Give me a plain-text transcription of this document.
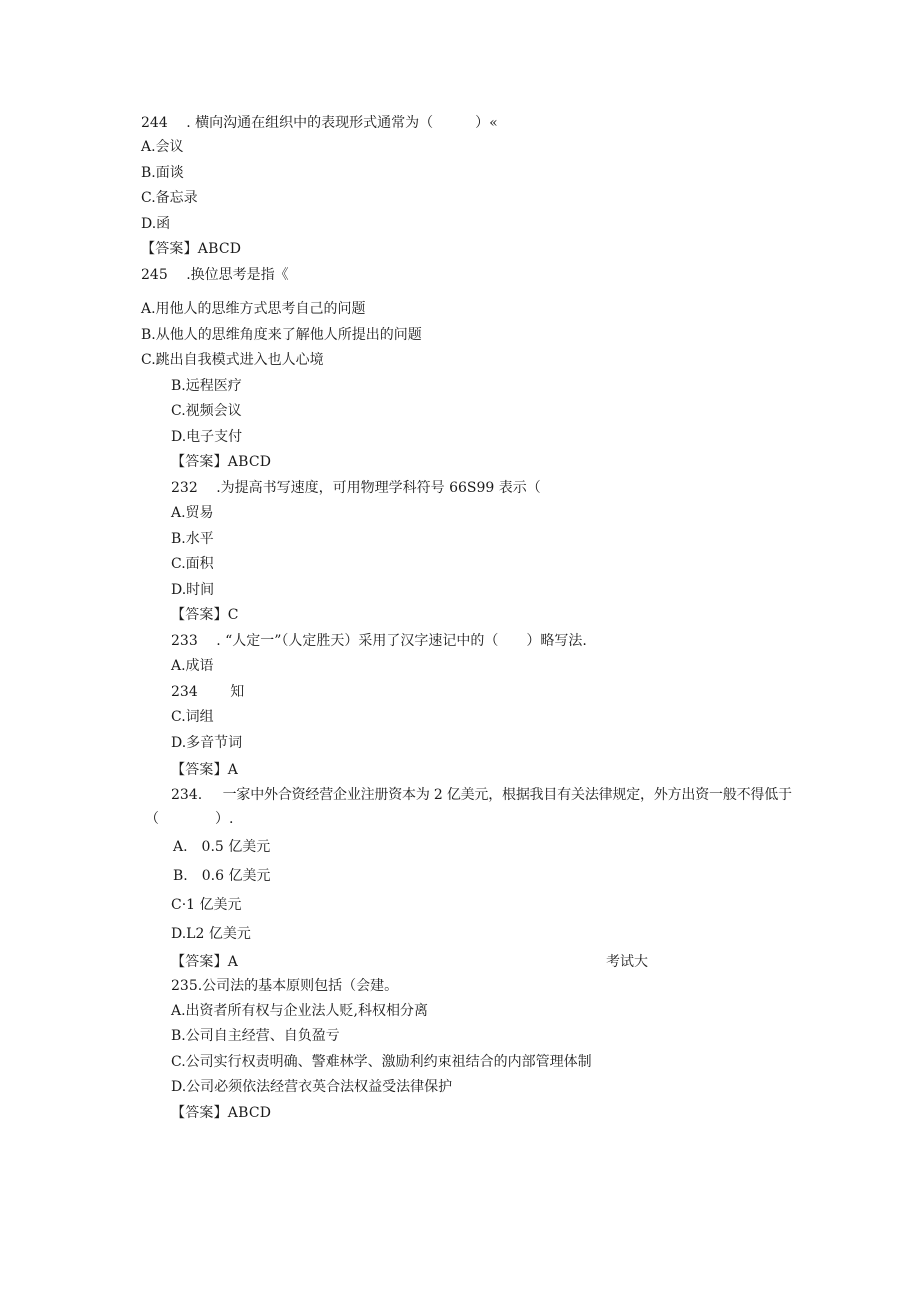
244 . 横向沟通在组织中的表现形式通常为（　　　）«
A.会议
B.面谈
C.备忘录
D.函
【答案】ABCD
245 .换位思考是指《
A.用他人的思维方式思考自己的问题
B.从他人的思维角度来了解他人所提出的问题
C.跳出自我模式进入也人心境
B.远程医疗
C.视频会议
D.电子支付
【答案】ABCD
232 .为提高书写速度，可用物理学科符号 66S99 表示（
A.贸易
B.水平
C.面积
D.时间
【答案】C
233 . “人定一”（人定胜天）采用了汉字速记中的（　　）略写法.
A.成语
234 知
C.词组
D.多音节词
【答案】A
234. 一家中外合资经营企业注册资本为 2 亿美元，根据我目有关法律规定，外方出资一般不得低于
（　　　　）.
A.　0.5 亿美元
B.　0.6 亿美元
C·1 亿美元
D.L2 亿美元
【答案】A	考试大
235.公司法的基本原则包括（会建。
A.出资者所有权与企业法人贬,科权相分离
B.公司自主经营、自负盈亏
C.公司实行权责明确、警难林学、激励利约束祖结合的内部管理体制
D.公司必须依法经营衣英合法权益受法律保护
【答案】ABCD
